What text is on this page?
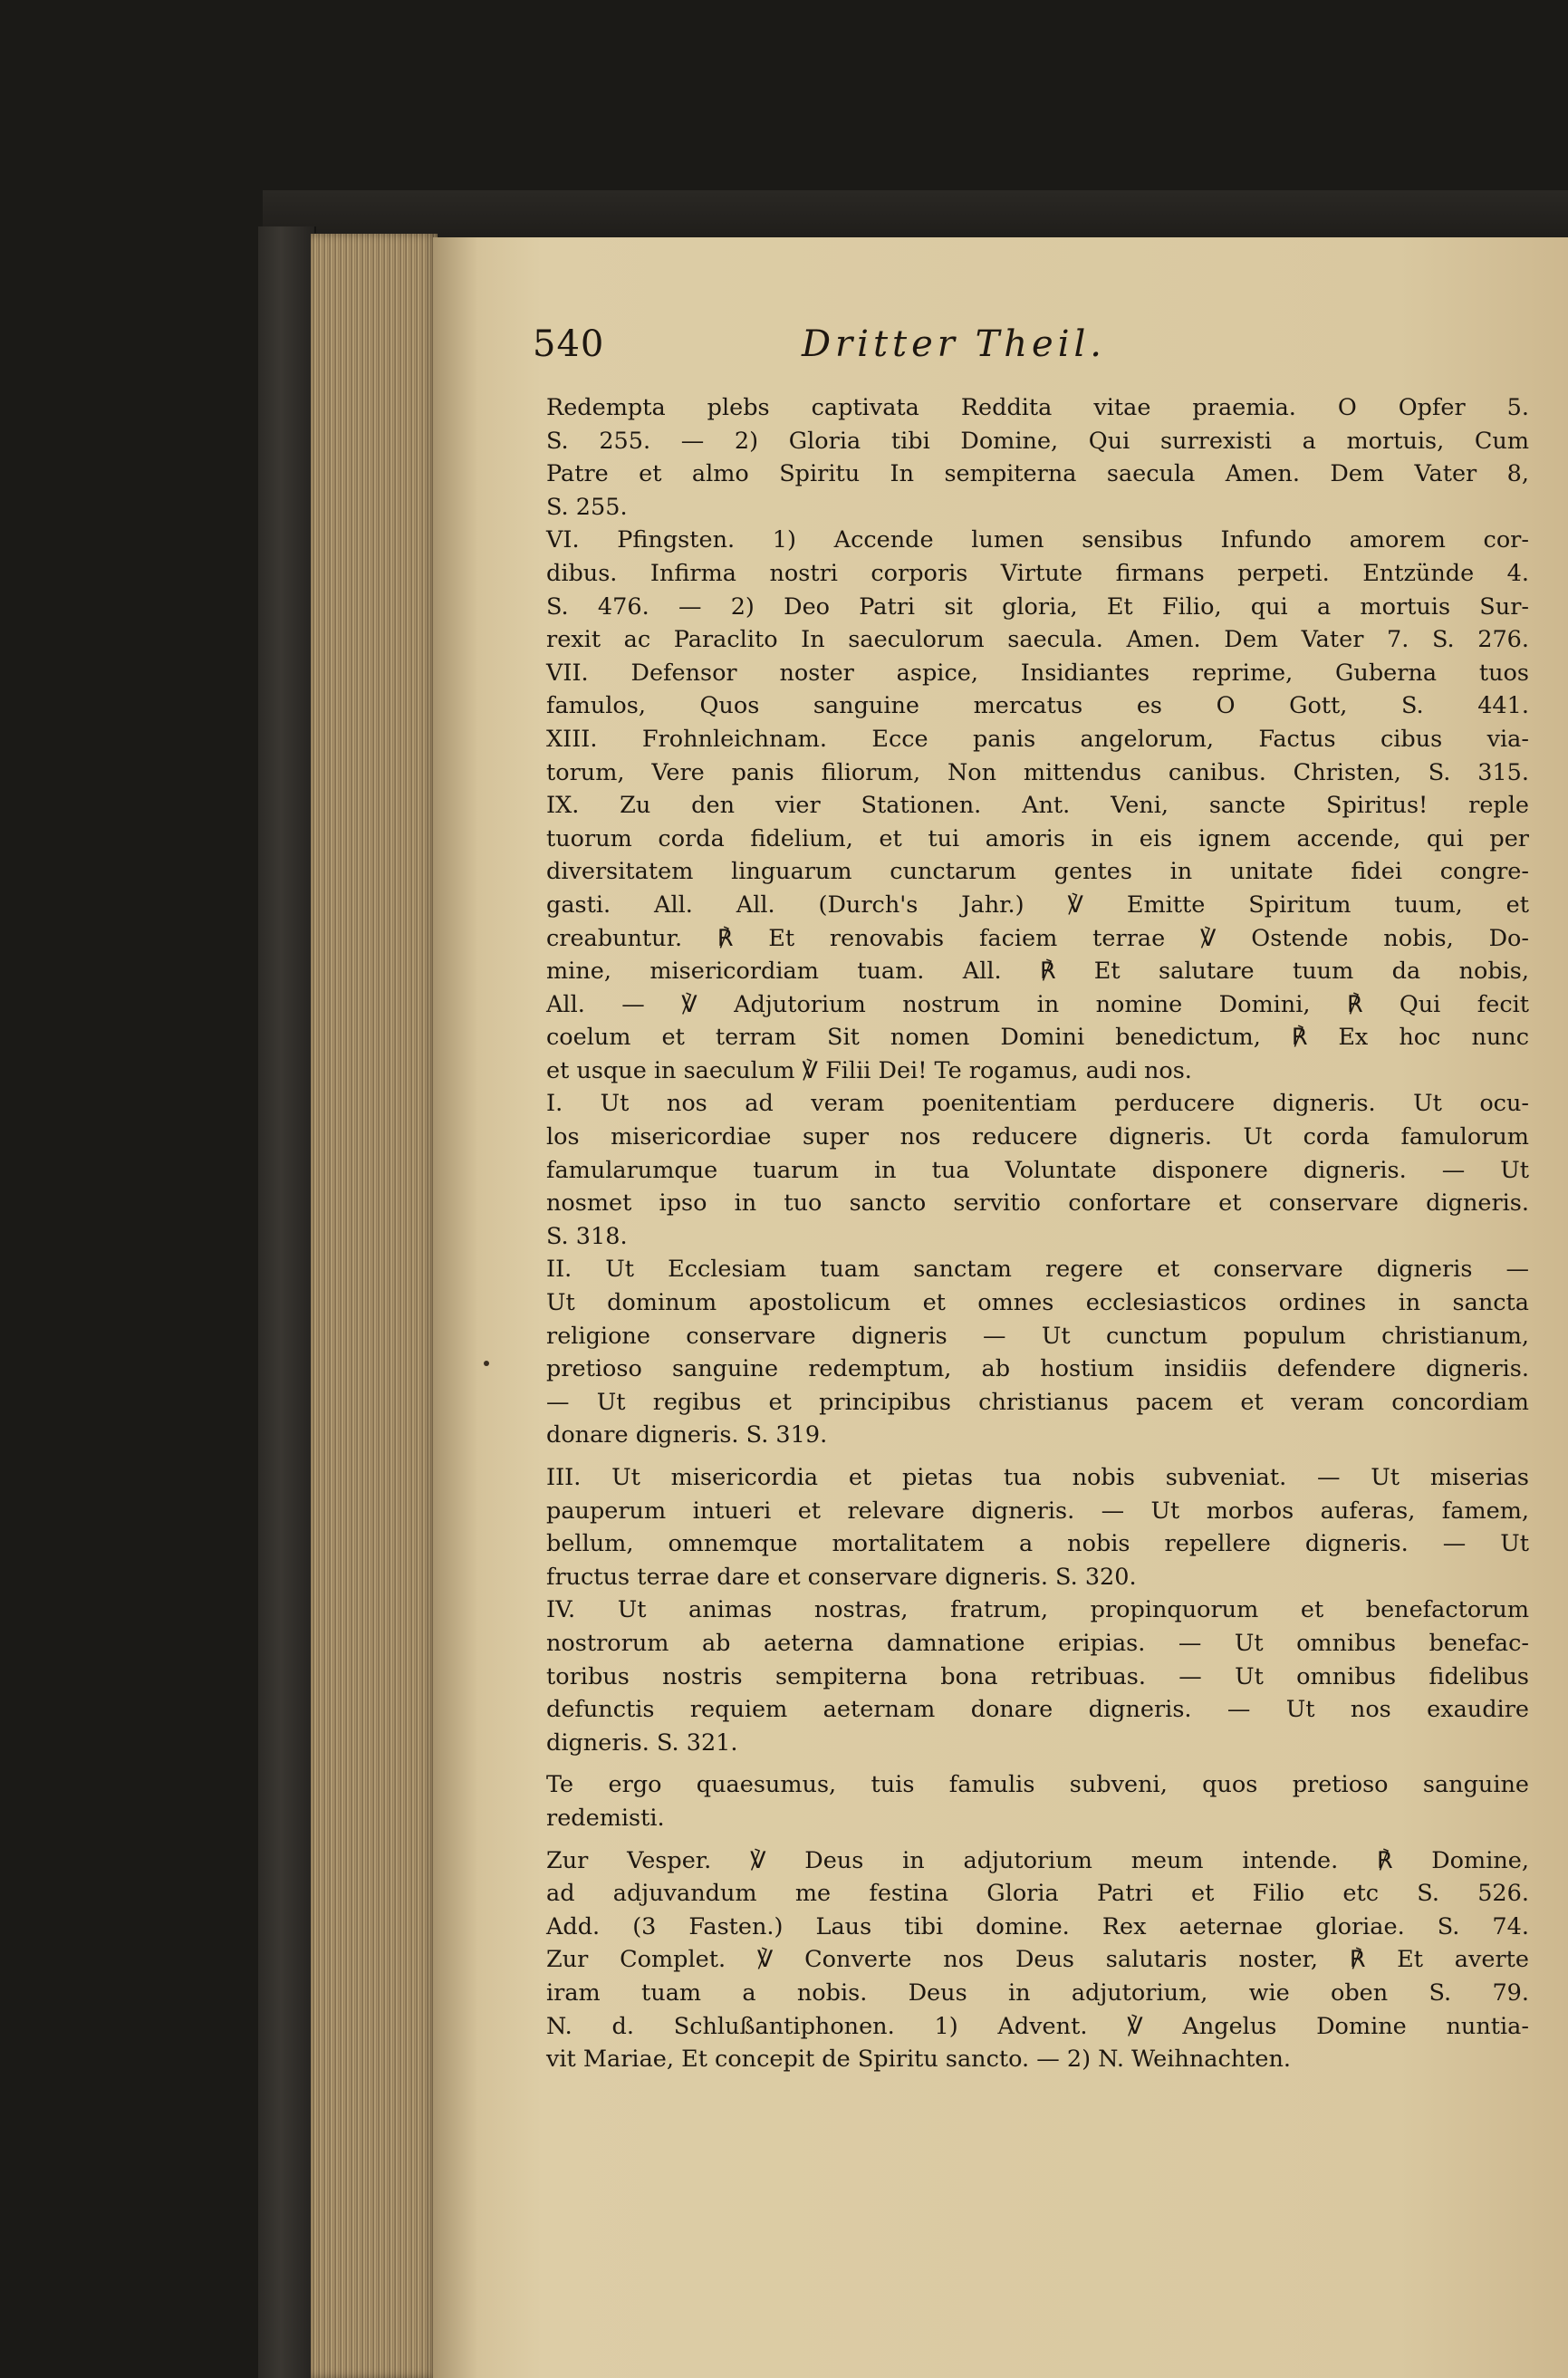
540	Dritter Theil.

Redempta plebs captivata Reddita vitae praemia. O Opfer 5.

S. 255. — 2) Gloria tibi Domine, Qui surrexisti a mortuis, Cum

Patre et almo Spiritu In sempiterna saecula Amen. Dem Vater 8,

S. 255.

VI. Pfingsten. 1) Accende lumen sensibus Infundo amorem cor-

dibus. Infirma nostri corporis Virtute firmans perpeti. Entzünde 4.

S. 476. — 2) Deo Patri sit gloria, Et Filio, qui a mortuis Sur-

rexit ac Paraclito In saeculorum saecula. Amen. Dem Vater 7. S. 276.

VII. Defensor noster aspice, Insidiantes reprime, Guberna tuos

famulos, Quos sanguine mercatus es O Gott, S. 441.

XIII. Frohnleichnam. Ecce panis angelorum, Factus cibus via-

torum, Vere panis filiorum, Non mittendus canibus. Christen, S. 315.

IX. Zu den vier Stationen. Ant. Veni, sancte Spiritus! reple

tuorum corda fidelium, et tui amoris in eis ignem accende, qui per

diversitatem linguarum cunctarum gentes in unitate fidei congre-

gasti. All. All. (Durch's Jahr.) ℣ Emitte Spiritum tuum, et

creabuntur. ℟ Et renovabis faciem terrae ℣ Ostende nobis, Do-

mine, misericordiam tuam. All. ℟ Et salutare tuum da nobis,

All. — ℣ Adjutorium nostrum in nomine Domini, ℟ Qui fecit

coelum et terram Sit nomen Domini benedictum, ℟ Ex hoc nunc

et usque in saeculum ℣ Filii Dei! Te rogamus, audi nos.

I. Ut nos ad veram poenitentiam perducere digneris. Ut ocu-

los misericordiae super nos reducere digneris. Ut corda famulorum

famularumque tuarum in tua Voluntate disponere digneris. — Ut

nosmet ipso in tuo sancto servitio confortare et conservare digneris.

S. 318.

II. Ut Ecclesiam tuam sanctam regere et conservare digneris —

Ut dominum apostolicum et omnes ecclesiasticos ordines in sancta

religione conservare digneris — Ut cunctum populum christianum,

pretioso sanguine redemptum, ab hostium insidiis defendere digneris.

— Ut regibus et principibus christianus pacem et veram concordiam

donare digneris. S. 319.

III. Ut misericordia et pietas tua nobis subveniat. — Ut miserias

pauperum intueri et relevare digneris. — Ut morbos auferas, famem,

bellum, omnemque mortalitatem a nobis repellere digneris. — Ut

fructus terrae dare et conservare digneris. S. 320.

IV. Ut animas nostras, fratrum, propinquorum et benefactorum

nostrorum ab aeterna damnatione eripias. — Ut omnibus benefac-

toribus nostris sempiterna bona retribuas. — Ut omnibus fidelibus

defunctis requiem aeternam donare digneris. — Ut nos exaudire

digneris. S. 321.

Te ergo quaesumus, tuis famulis subveni, quos pretioso sanguine

redemisti.

Zur Vesper. ℣ Deus in adjutorium meum intende. ℟ Domine,

ad adjuvandum me festina Gloria Patri et Filio etc S. 526.

Add. (3 Fasten.) Laus tibi domine. Rex aeternae gloriae. S. 74.

Zur Complet. ℣ Converte nos Deus salutaris noster, ℟ Et averte

iram tuam a nobis. Deus in adjutorium, wie oben S. 79.

N. d. Schlußantiphonen. 1) Advent. ℣ Angelus Domine nuntia-

vit Mariae, Et concepit de Spiritu sancto. — 2) N. Weihnachten.
